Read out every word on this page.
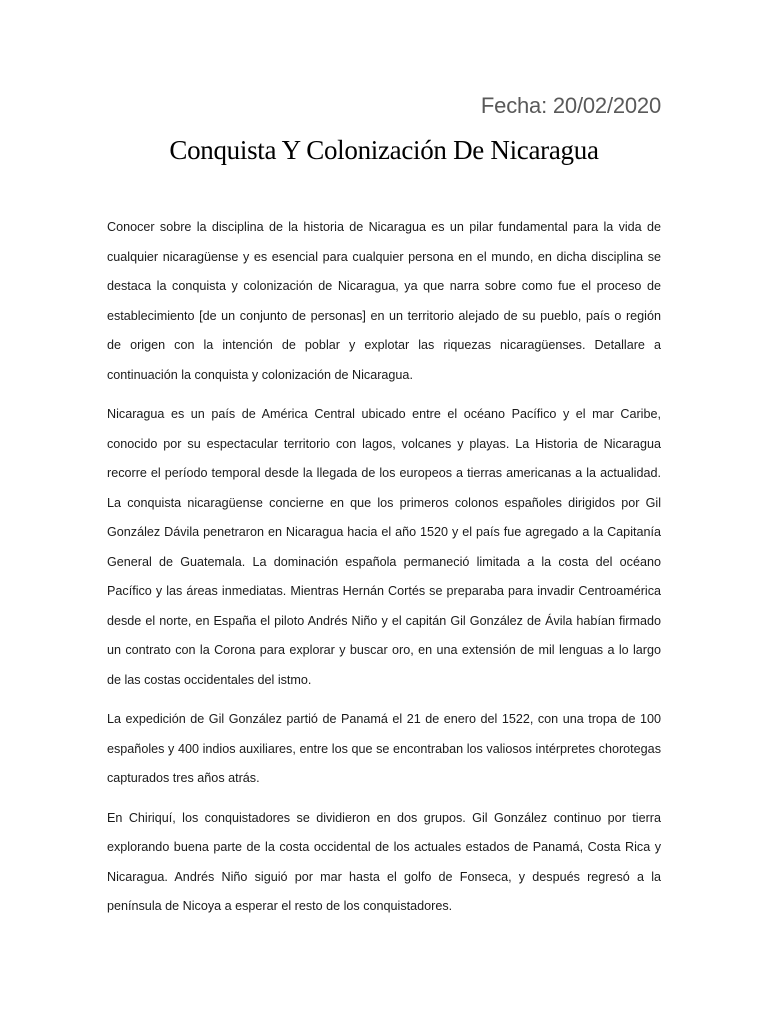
Fecha: 20/02/2020
Conquista Y Colonización De Nicaragua

Conocer sobre la disciplina de la historia de Nicaragua es un pilar fundamental para la vida de cualquier nicaragüense y es esencial para cualquier persona en el mundo, en dicha disciplina se destaca la conquista y colonización de Nicaragua, ya que narra sobre como fue el proceso de establecimiento [de un conjunto de personas] en un territorio alejado de su pueblo, país o región de origen con la intención de poblar y explotar las riquezas nicaragüenses. Detallare a continuación la conquista y colonización de Nicaragua.

Nicaragua es un país de América Central ubicado entre el océano Pacífico y el mar Caribe, conocido por su espectacular territorio con lagos, volcanes y playas. La Historia de Nicaragua recorre el período temporal desde la llegada de los europeos a tierras americanas a la actualidad. La conquista nicaragüense concierne en que los primeros colonos españoles dirigidos por Gil González Dávila penetraron en Nicaragua hacia el año 1520 y el país fue agregado a la Capitanía General de Guatemala. La dominación española permaneció limitada a la costa del océano Pacífico y las áreas inmediatas. Mientras Hernán Cortés se preparaba para invadir Centroamérica desde el norte, en España el piloto Andrés Niño y el capitán Gil González de Ávila habían firmado un contrato con la Corona para explorar y buscar oro, en una extensión de mil lenguas a lo largo de las costas occidentales del istmo.

La expedición de Gil González partió de Panamá el 21 de enero del 1522, con una tropa de 100 españoles y 400 indios auxiliares, entre los que se encontraban los valiosos intérpretes chorotegas capturados tres años atrás.

En Chiriquí, los conquistadores se dividieron en dos grupos. Gil González continuo por tierra explorando buena parte de la costa occidental de los actuales estados de Panamá, Costa Rica y Nicaragua. Andrés Niño siguió por mar hasta el golfo de Fonseca, y después regresó a la península de Nicoya a esperar el resto de los conquistadores.
